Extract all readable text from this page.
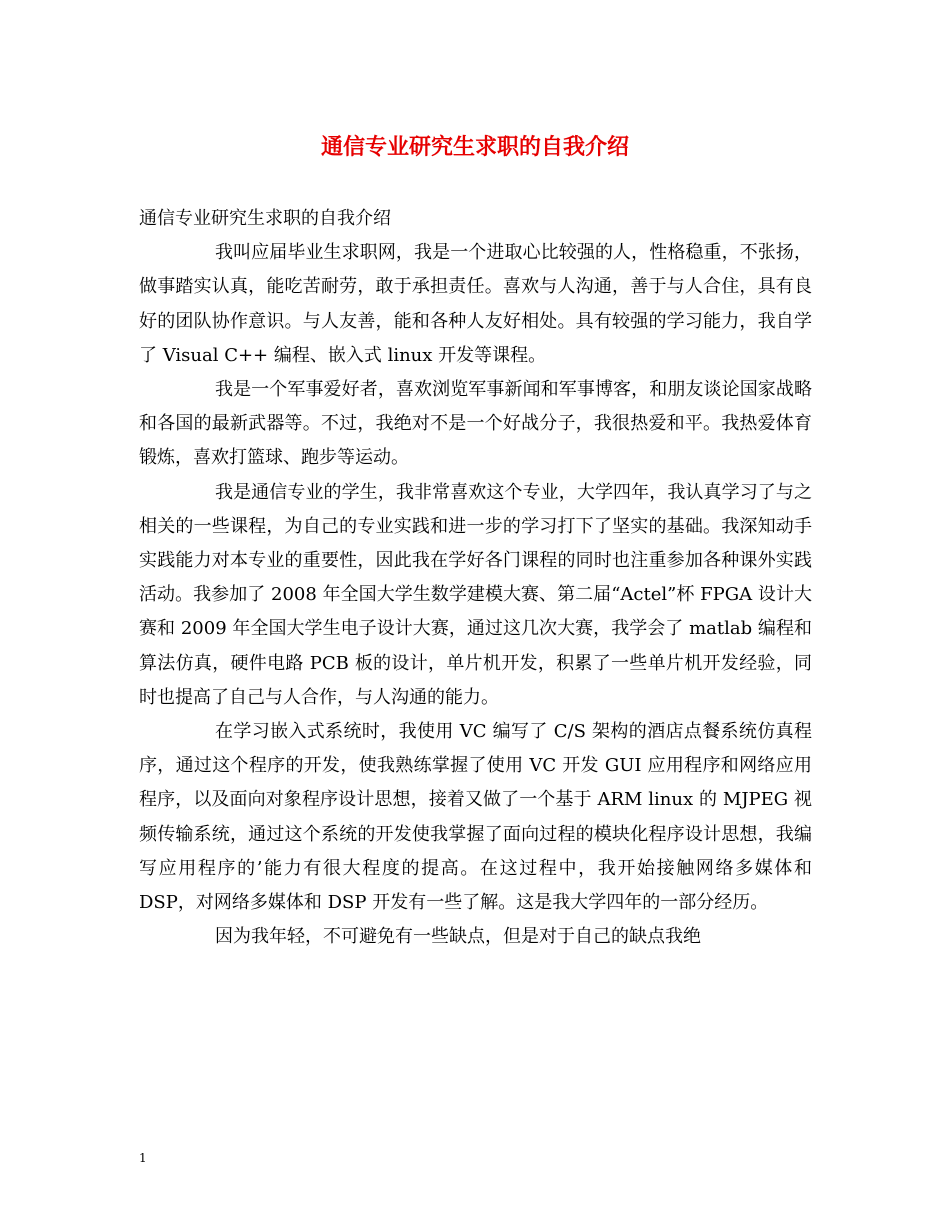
通信专业研究生求职的自我介绍

通信专业研究生求职的自我介绍

我叫应届毕业生求职网，我是一个进取心比较强的人，性格稳重，不张扬，做事踏实认真，能吃苦耐劳，敢于承担责任。喜欢与人沟通，善于与人合住，具有良好的团队协作意识。与人友善，能和各种人友好相处。具有较强的学习能力，我自学了 Visual C++ 编程、嵌入式 linux 开发等课程。

我是一个军事爱好者，喜欢浏览军事新闻和军事博客，和朋友谈论国家战略和各国的最新武器等。不过，我绝对不是一个好战分子，我很热爱和平。我热爱体育锻炼，喜欢打篮球、跑步等运动。

我是通信专业的学生，我非常喜欢这个专业，大学四年，我认真学习了与之相关的一些课程，为自己的专业实践和进一步的学习打下了坚实的基础。我深知动手实践能力对本专业的重要性，因此我在学好各门课程的同时也注重参加各种课外实践活动。我参加了 2008 年全国大学生数学建模大赛、第二届“Actel”杯 FPGA 设计大赛和 2009 年全国大学生电子设计大赛，通过这几次大赛，我学会了 matlab 编程和算法仿真，硬件电路 PCB 板的设计，单片机开发，积累了一些单片机开发经验，同时也提高了自己与人合作，与人沟通的能力。

在学习嵌入式系统时，我使用 VC 编写了 C/S 架构的酒店点餐系统仿真程序，通过这个程序的开发，使我熟练掌握了使用 VC 开发 GUI 应用程序和网络应用程序，以及面向对象程序设计思想，接着又做了一个基于 ARM linux 的 MJPEG 视频传输系统，通过这个系统的开发使我掌握了面向过程的模块化程序设计思想，我编写应用程序的’能力有很大程度的提高。在这过程中，我开始接触网络多媒体和 DSP，对网络多媒体和 DSP 开发有一些了解。这是我大学四年的一部分经历。

因为我年轻，不可避免有一些缺点，但是对于自己的缺点我绝

1
